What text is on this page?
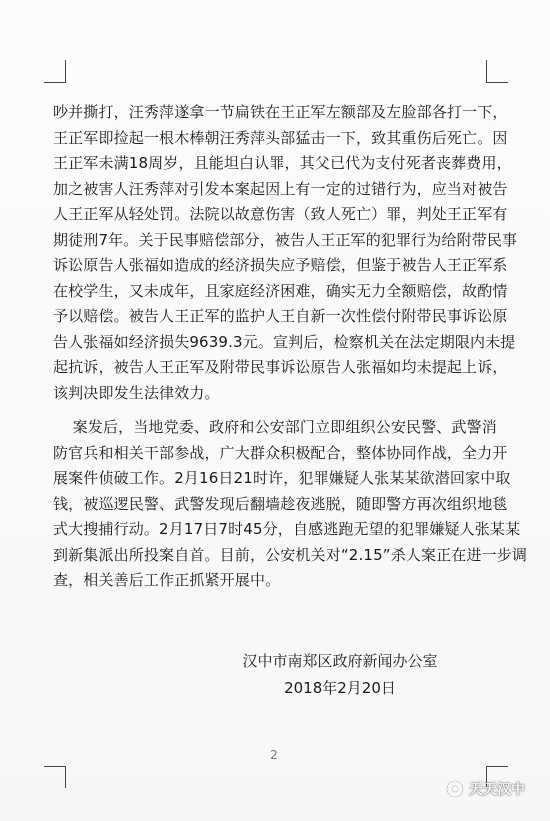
吵并撕打，汪秀萍遂拿一节扁铁在王正军左额部及左脸部各打一下，
王正军即捡起一根木棒朝汪秀萍头部猛击一下，致其重伤后死亡。因
王正军未满18周岁，且能坦白认罪，其父已代为支付死者丧葬费用，
加之被害人汪秀萍对引发本案起因上有一定的过错行为，应当对被告
人王正军从轻处罚。法院以故意伤害（致人死亡）罪，判处王正军有
期徒刑7年。关于民事赔偿部分，被告人王正军的犯罪行为给附带民事
诉讼原告人张福如造成的经济损失应予赔偿，但鉴于被告人王正军系
在校学生，又未成年，且家庭经济困难，确实无力全额赔偿，故酌情
予以赔偿。被告人王正军的监护人王自新一次性偿付附带民事诉讼原
告人张福如经济损失9639.3元。宣判后，检察机关在法定期限内未提
起抗诉，被告人王正军及附带民事诉讼原告人张福如均未提起上诉，
该判决即发生法律效力。
案发后，当地党委、政府和公安部门立即组织公安民警、武警消
防官兵和相关干部参战，广大群众积极配合，整体协同作战，全力开
展案件侦破工作。2月16日21时许，犯罪嫌疑人张某某欲潜回家中取
钱，被巡逻民警、武警发现后翻墙趁夜逃脱，随即警方再次组织地毯
式大搜捕行动。2月17日7时45分，自感逃跑无望的犯罪嫌疑人张某某
到新集派出所投案自首。目前，公安机关对“2.15”杀人案正在进一步调
查，相关善后工作正抓紧开展中。
汉中市南郑区政府新闻办公室
2018年2月20日
2
天天汉中
